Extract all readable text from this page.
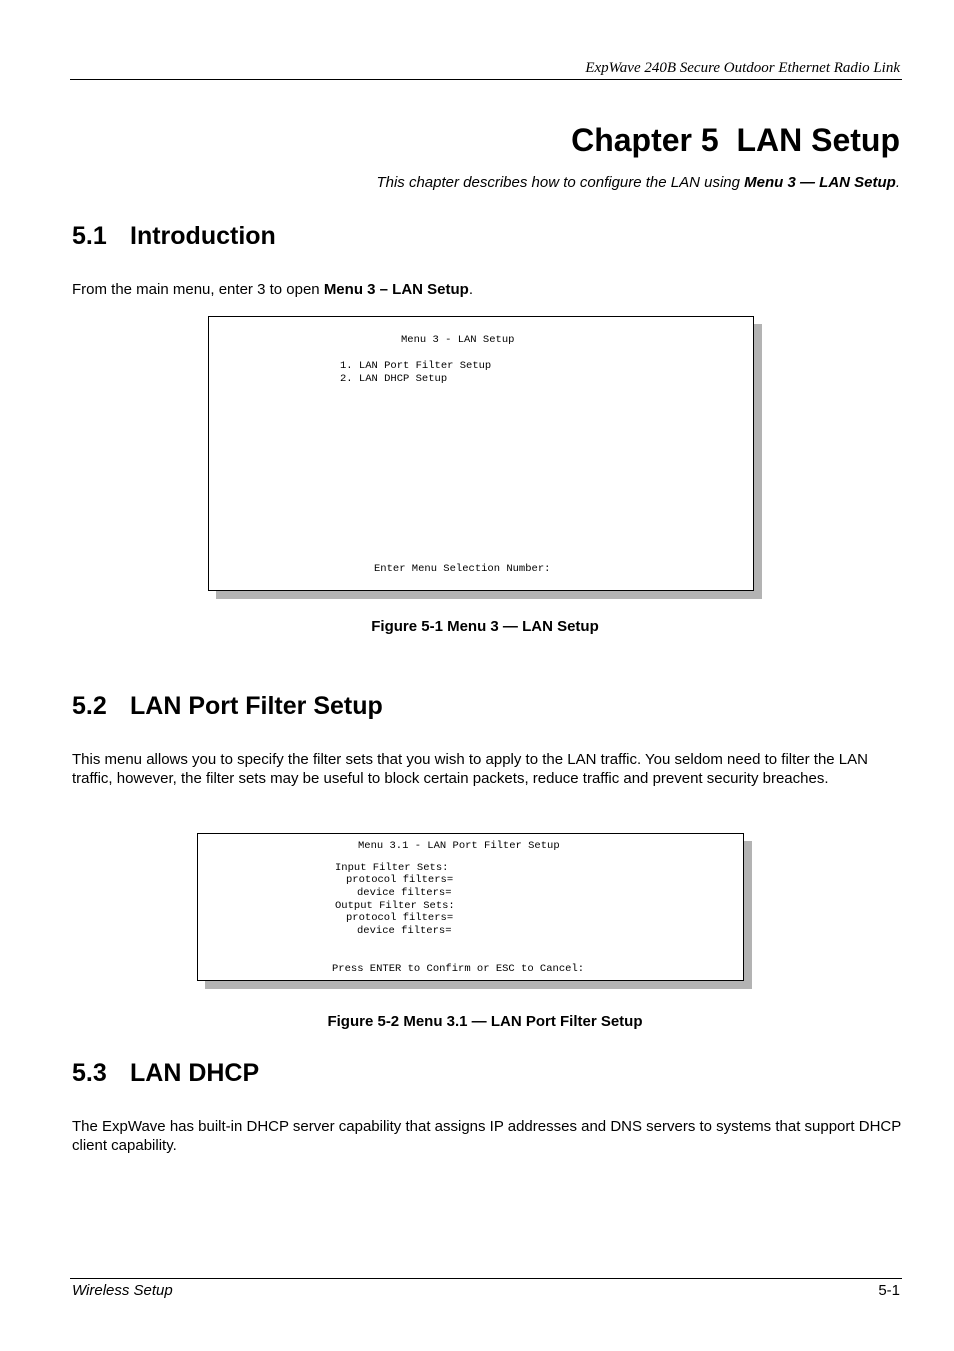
ExpWave 240B Secure Outdoor Ethernet Radio Link
Chapter 5  LAN Setup
This chapter describes how to configure the LAN using Menu 3 — LAN Setup.
5.1 Introduction
From the main menu, enter 3 to open Menu 3 – LAN Setup.
Menu 3 - LAN Setup
1. LAN Port Filter Setup
2. LAN DHCP Setup
Enter Menu Selection Number:
Figure 5-1 Menu 3 — LAN Setup
5.2 LAN Port Filter Setup
This menu allows you to specify the filter sets that you wish to apply to the LAN traffic. You seldom need to filter the LAN traffic, however, the filter sets may be useful to block certain packets, reduce traffic and prevent security breaches.
Menu 3.1 - LAN Port Filter Setup
Input Filter Sets:
protocol filters=
device filters=
Output Filter Sets:
protocol filters=
device filters=
Press ENTER to Confirm or ESC to Cancel:
Figure 5-2 Menu 3.1 — LAN Port Filter Setup
5.3 LAN DHCP
The ExpWave has built-in DHCP server capability that assigns IP addresses and DNS servers to systems that support DHCP client capability.
Wireless Setup	5-1
